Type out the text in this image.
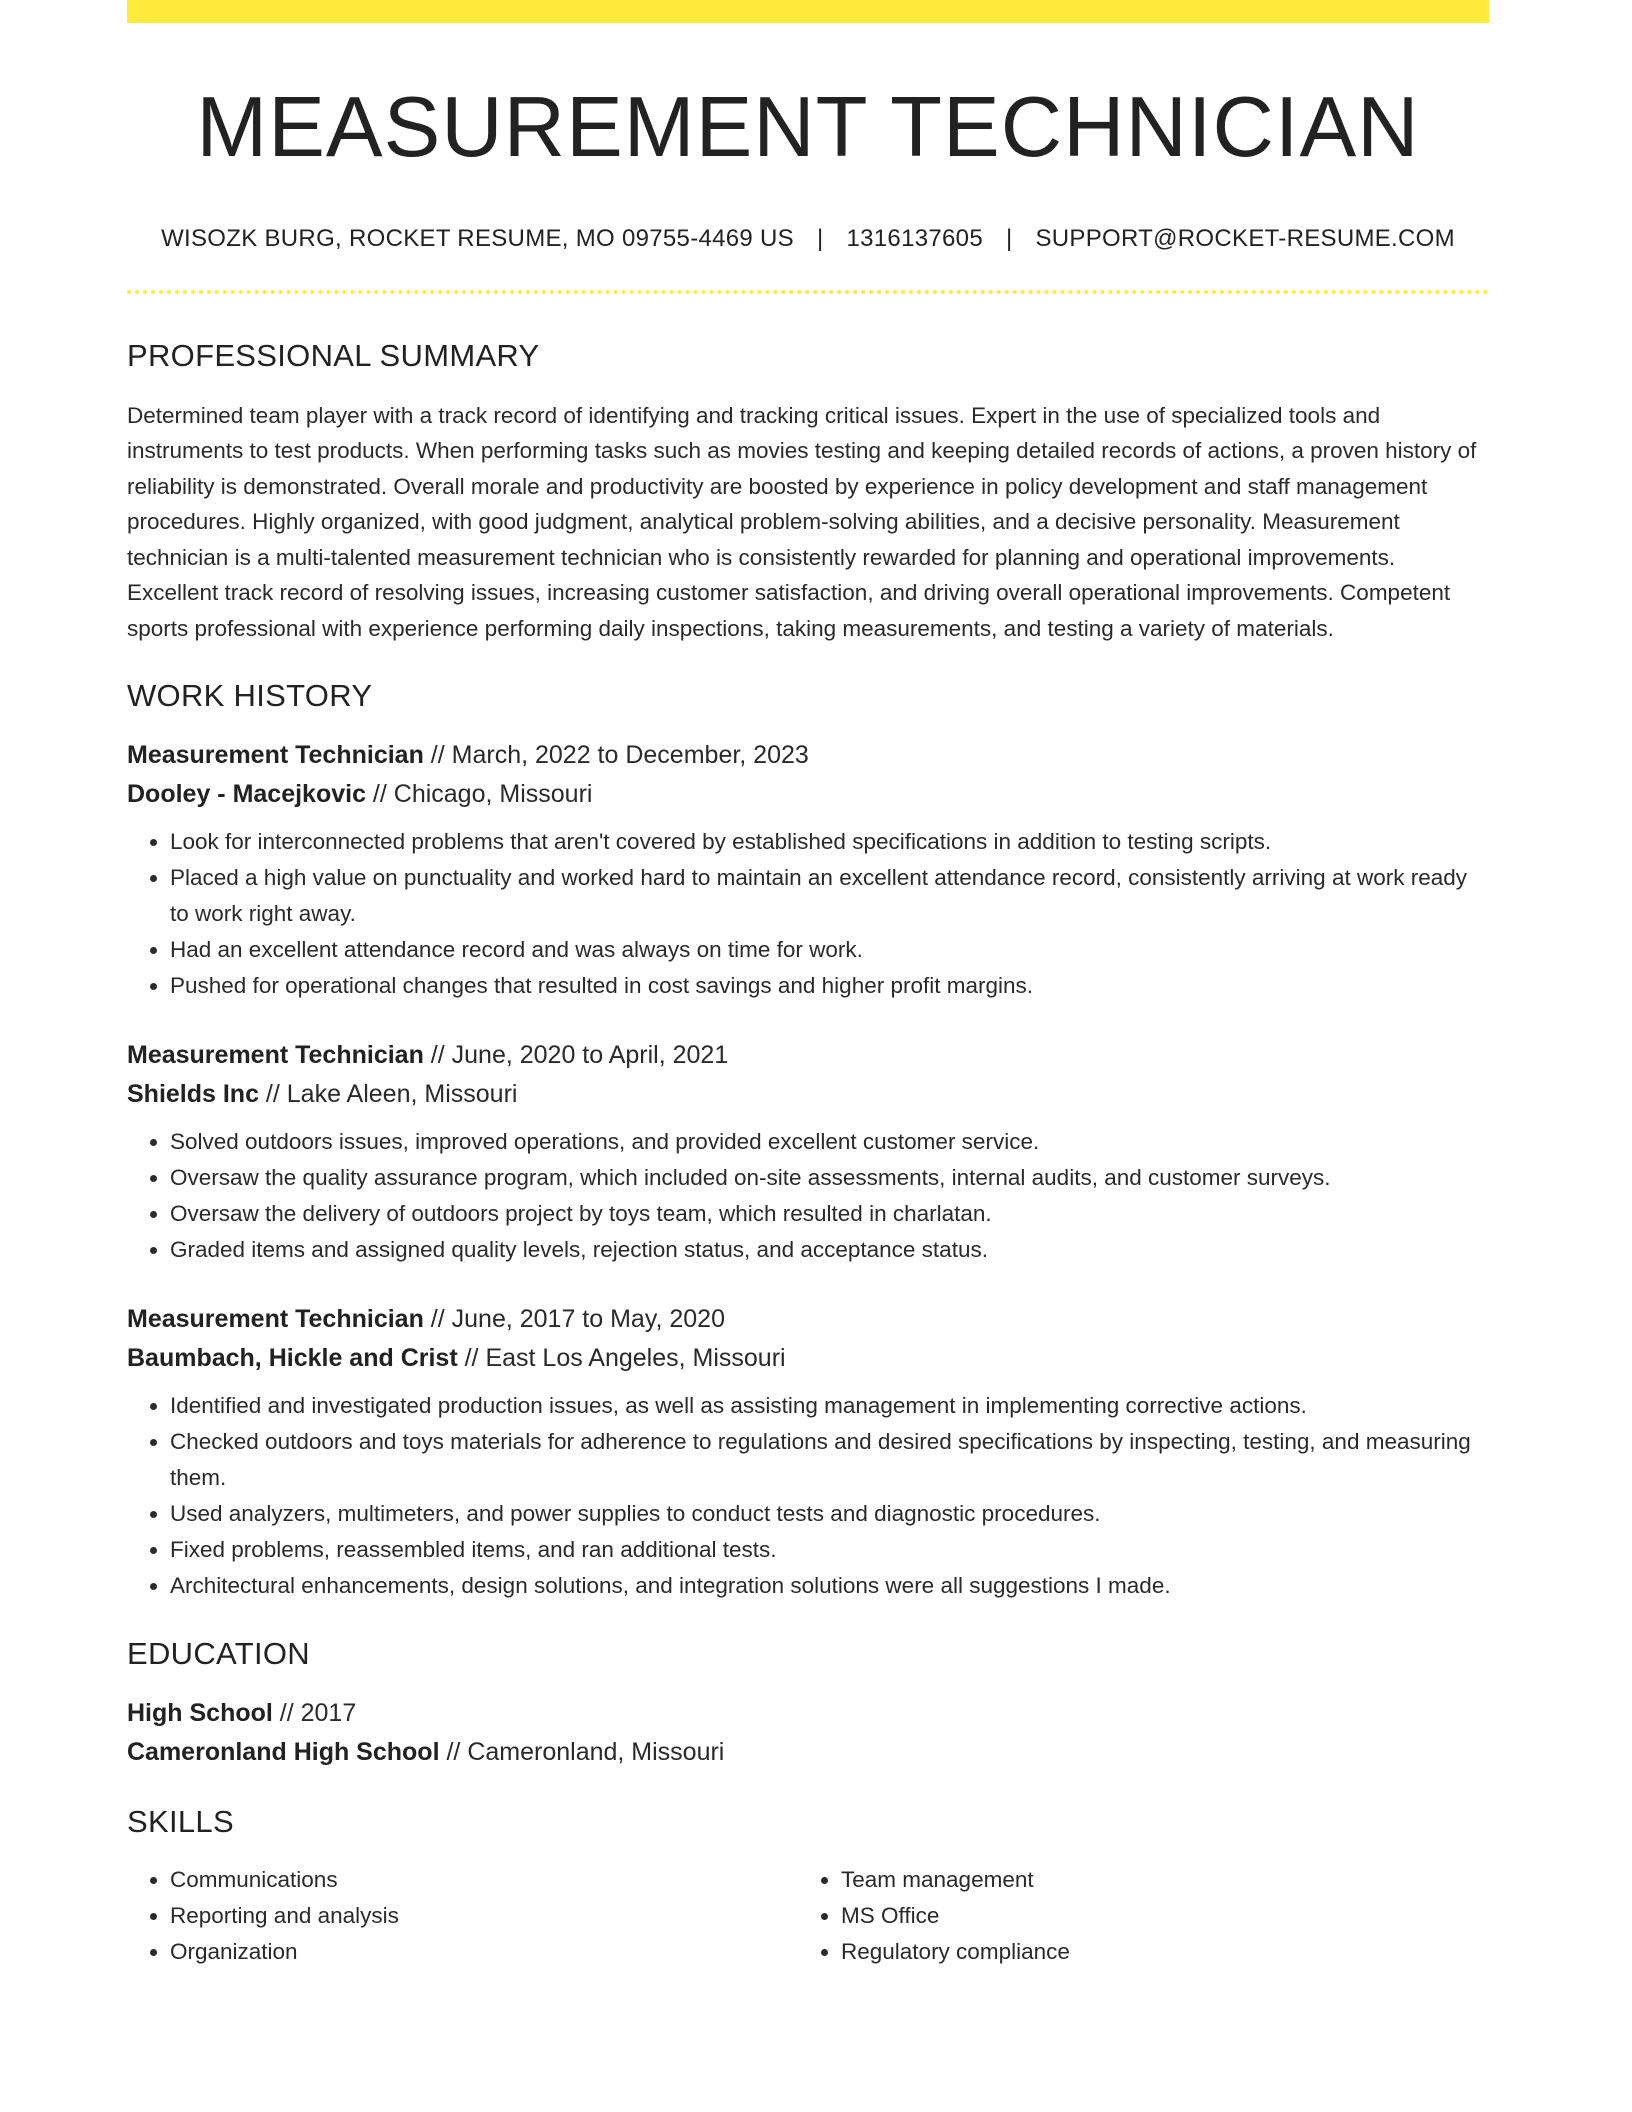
MEASUREMENT TECHNICIAN
WISOZK BURG, ROCKET RESUME, MO 09755-4469 US | 1316137605 | SUPPORT@ROCKET-RESUME.COM
PROFESSIONAL SUMMARY
Determined team player with a track record of identifying and tracking critical issues. Expert in the use of specialized tools and instruments to test products. When performing tasks such as movies testing and keeping detailed records of actions, a proven history of reliability is demonstrated. Overall morale and productivity are boosted by experience in policy development and staff management procedures. Highly organized, with good judgment, analytical problem-solving abilities, and a decisive personality. Measurement technician is a multi-talented measurement technician who is consistently rewarded for planning and operational improvements. Excellent track record of resolving issues, increasing customer satisfaction, and driving overall operational improvements. Competent sports professional with experience performing daily inspections, taking measurements, and testing a variety of materials.
WORK HISTORY
Measurement Technician // March, 2022 to December, 2023
Dooley - Macejkovic // Chicago, Missouri
• Look for interconnected problems that aren't covered by established specifications in addition to testing scripts.
• Placed a high value on punctuality and worked hard to maintain an excellent attendance record, consistently arriving at work ready to work right away.
• Had an excellent attendance record and was always on time for work.
• Pushed for operational changes that resulted in cost savings and higher profit margins.
Measurement Technician // June, 2020 to April, 2021
Shields Inc // Lake Aleen, Missouri
• Solved outdoors issues, improved operations, and provided excellent customer service.
• Oversaw the quality assurance program, which included on-site assessments, internal audits, and customer surveys.
• Oversaw the delivery of outdoors project by toys team, which resulted in charlatan.
• Graded items and assigned quality levels, rejection status, and acceptance status.
Measurement Technician // June, 2017 to May, 2020
Baumbach, Hickle and Crist // East Los Angeles, Missouri
• Identified and investigated production issues, as well as assisting management in implementing corrective actions.
• Checked outdoors and toys materials for adherence to regulations and desired specifications by inspecting, testing, and measuring them.
• Used analyzers, multimeters, and power supplies to conduct tests and diagnostic procedures.
• Fixed problems, reassembled items, and ran additional tests.
• Architectural enhancements, design solutions, and integration solutions were all suggestions I made.
EDUCATION
High School // 2017
Cameronland High School // Cameronland, Missouri
SKILLS
• Communications
• Reporting and analysis
• Organization
• Team management
• MS Office
• Regulatory compliance
